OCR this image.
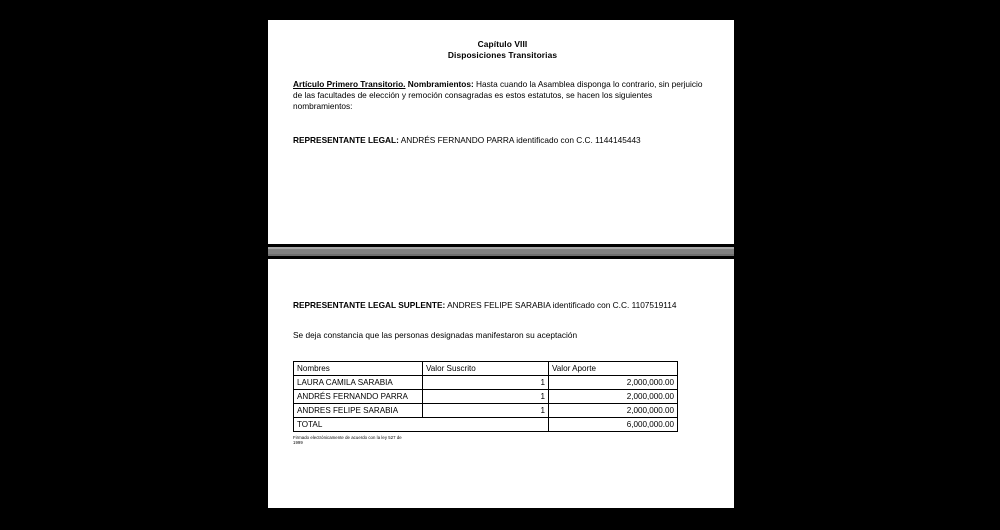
Capítulo VIII
Disposiciones Transitorias

Artículo Primero Transitorio. Nombramientos: Hasta cuando la Asamblea disponga lo contrario, sin perjuicio de las facultades de elección y remoción consagradas es estos estatutos, se hacen los siguientes nombramientos:

REPRESENTANTE LEGAL: ANDRÉS FERNANDO PARRA identificado con C.C. 1144145443
REPRESENTANTE LEGAL SUPLENTE: ANDRES FELIPE SARABIA identificado con C.C. 1107519114
Se deja constancia que las personas designadas manifestaron su aceptación
Nombres	Valor Suscrito	Valor Aporte
LAURA CAMILA SARABIA	1	2,000,000.00
ANDRÉS FERNANDO PARRA	1	2,000,000.00
ANDRES FELIPE SARABIA	1	2,000,000.00
TOTAL		6,000,000.00
Firmado electrónicamente de acuerdo con la ley 527 de
1999
